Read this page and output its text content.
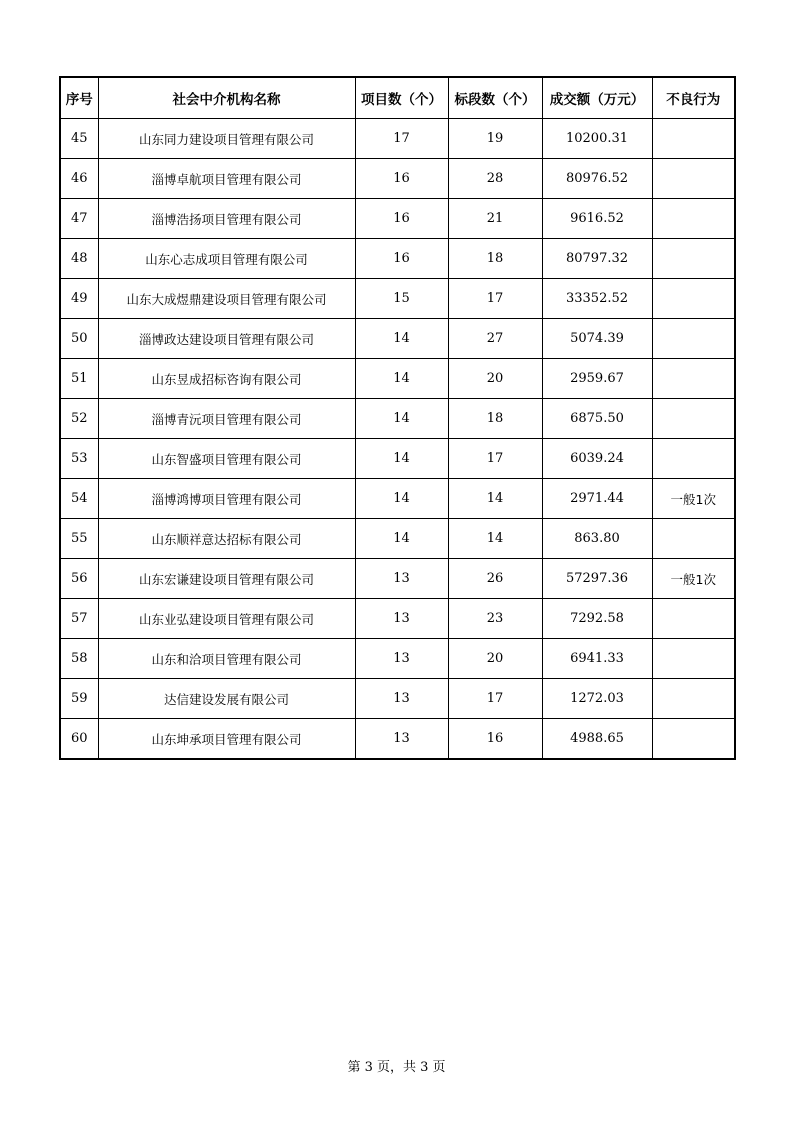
序号	社会中介机构名称	项目数（个）	标段数（个）	成交额（万元）	不良行为
45	山东同力建设项目管理有限公司	17	19	10200.31	
46	淄博卓航项目管理有限公司	16	28	80976.52	
47	淄博浩扬项目管理有限公司	16	21	9616.52	
48	山东心志成项目管理有限公司	16	18	80797.32	
49	山东大成煜鼎建设项目管理有限公司	15	17	33352.52	
50	淄博政达建设项目管理有限公司	14	27	5074.39	
51	山东昱成招标咨询有限公司	14	20	2959.67	
52	淄博青沅项目管理有限公司	14	18	6875.50	
53	山东智盛项目管理有限公司	14	17	6039.24	
54	淄博鸿博项目管理有限公司	14	14	2971.44	一般1次
55	山东顺祥意达招标有限公司	14	14	863.80	
56	山东宏谦建设项目管理有限公司	13	26	57297.36	一般1次
57	山东业弘建设项目管理有限公司	13	23	7292.58	
58	山东和洽项目管理有限公司	13	20	6941.33	
59	达信建设发展有限公司	13	17	1272.03	
60	山东坤承项目管理有限公司	13	16	4988.65	
第 3 页，共 3 页
